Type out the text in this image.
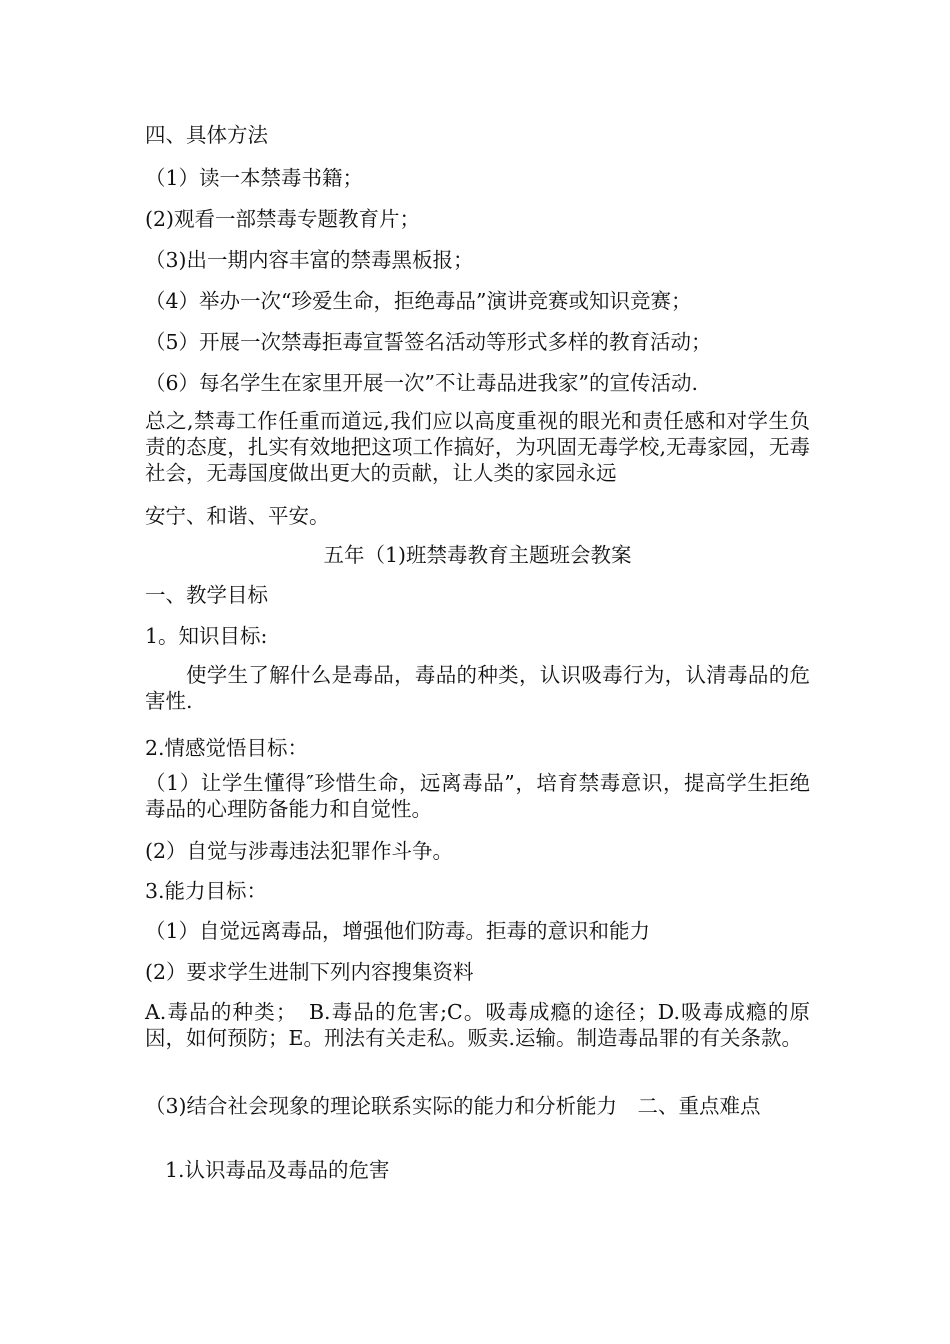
四、具体方法

（1）读一本禁毒书籍；

(2)观看一部禁毒专题教育片；

（3)出一期内容丰富的禁毒黑板报；

（4）举办一次“珍爱生命，拒绝毒品”演讲竞赛或知识竞赛；

（5）开展一次禁毒拒毒宣誓签名活动等形式多样的教育活动；

（6）每名学生在家里开展一次”不让毒品进我家”的宣传活动.

总之,禁毒工作任重而道远,我们应以高度重视的眼光和责任感和对学生负责的态度，扎实有效地把这项工作搞好，为巩固无毒学校,无毒家园，无毒社会，无毒国度做出更大的贡献，让人类的家园永远

安宁、和谐、平安。

五年（1)班禁毒教育主题班会教案

一、教学目标

1。知识目标:

使学生了解什么是毒品，毒品的种类，认识吸毒行为，认清毒品的危害性.

2.情感觉悟目标：

（1）让学生懂得″珍惜生命，远离毒品”，培育禁毒意识，提高学生拒绝毒品的心理防备能力和自觉性。

(2）自觉与涉毒违法犯罪作斗争。

3.能力目标：

（1）自觉远离毒品，增强他们防毒。拒毒的意识和能力

(2）要求学生进制下列内容搜集资料

A.毒品的种类；　B.毒品的危害;C。吸毒成瘾的途径；D.吸毒成瘾的原因，如何预防；E。刑法有关走私。贩卖.运输。制造毒品罪的有关条款。

（3)结合社会现象的理论联系实际的能力和分析能力　二、重点难点

1.认识毒品及毒品的危害
